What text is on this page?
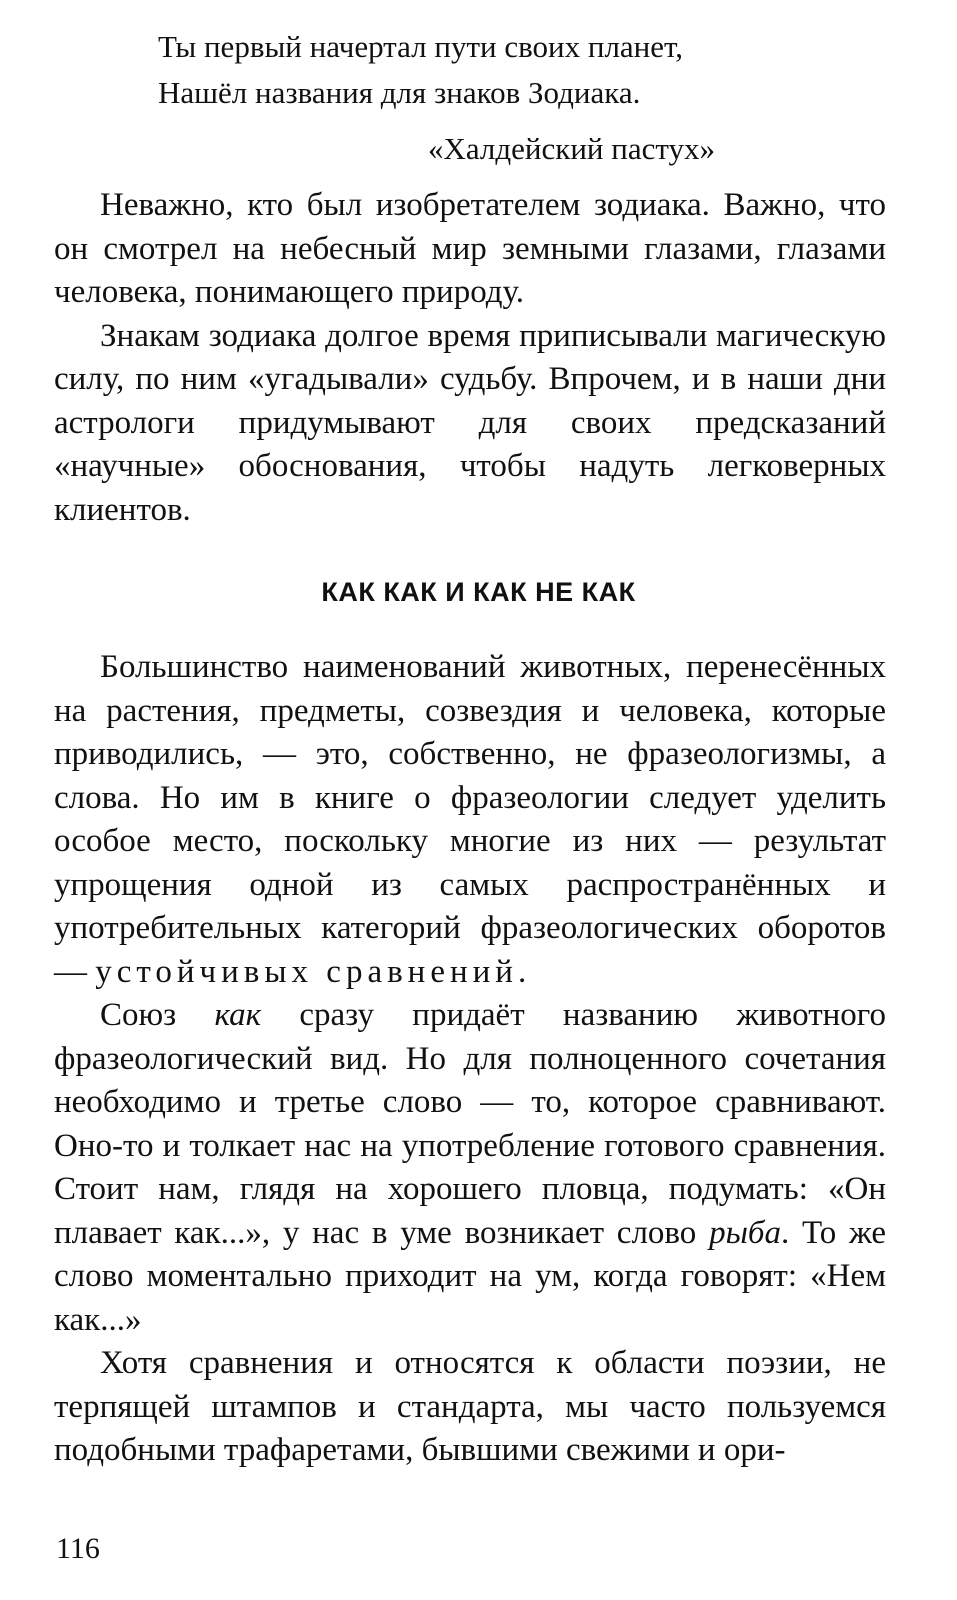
Ты первый начертал пути своих планет,
Нашёл названия для знаков Зодиака.
«Халдейский пастух»

Неважно, кто был изобретателем зодиака. Важно, что он смотрел на небесный мир земными глазами, глазами человека, понимающего природу.

Знакам зодиака долгое время приписывали магическую силу, по ним «угадывали» судьбу. Впрочем, и в наши дни астрологи придумывают для своих предсказаний «научные» обоснования, чтобы надуть легковерных клиентов.

КАК КАК И КАК НЕ КАК

Большинство наименований животных, перенесённых на растения, предметы, созвездия и человека, которые приводились, — это, собственно, не фразеологизмы, а слова. Но им в книге о фразеологии следует уделить особое место, поскольку многие из них — результат упрощения одной из самых распространённых и употребительных категорий фразеологических оборотов — устойчивых сравнений.

Союз как сразу придаёт названию животного фразеологический вид. Но для полноценного сочетания необходимо и третье слово — то, которое сравнивают. Оно-то и толкает нас на употребление готового сравнения. Стоит нам, глядя на хорошего пловца, подумать: «Он плавает как...», у нас в уме возникает слово рыба. То же слово моментально приходит на ум, когда говорят: «Нем как...»

Хотя сравнения и относятся к области поэзии, не терпящей штампов и стандарта, мы часто пользуемся подобными трафаретами, бывшими свежими и ори-

116
